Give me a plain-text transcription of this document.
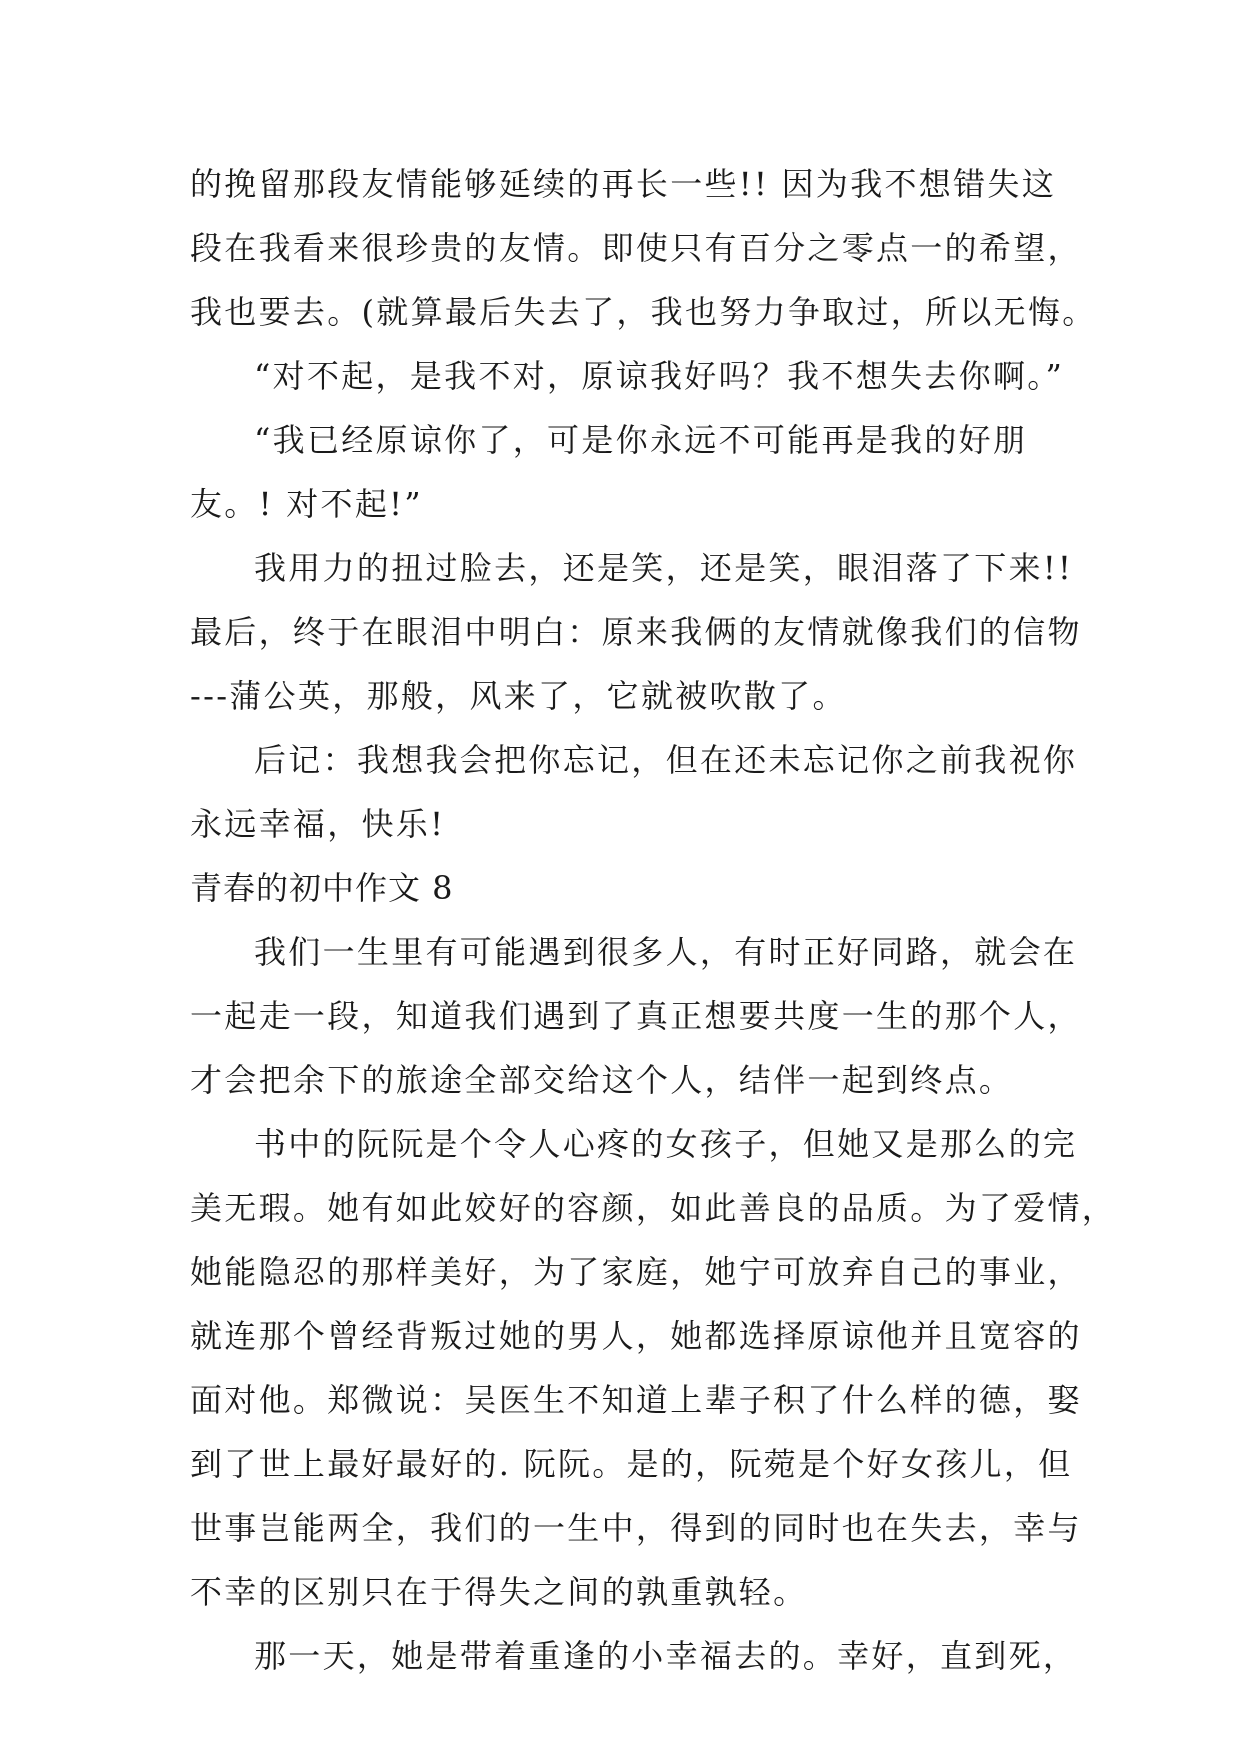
的挽留那段友情能够延续的再长一些!! 因为我不想错失这
段在我看来很珍贵的友情。即使只有百分之零点一的希望，
我也要去。(就算最后失去了，我也努力争取过，所以无悔。
“对不起，是我不对，原谅我好吗？我不想失去你啊。”
“我已经原谅你了，可是你永远不可能再是我的好朋
友。! 对不起!”
我用力的扭过脸去，还是笑，还是笑，眼泪落了下来!!
最后，终于在眼泪中明白：原来我俩的友情就像我们的信物
---蒲公英，那般，风来了，它就被吹散了。
后记：我想我会把你忘记，但在还未忘记你之前我祝你
永远幸福，快乐!
青春的初中作文 8
我们一生里有可能遇到很多人，有时正好同路，就会在
一起走一段，知道我们遇到了真正想要共度一生的那个人，
才会把余下的旅途全部交给这个人，结伴一起到终点。
书中的阮阮是个令人心疼的女孩子，但她又是那么的完
美无瑕。她有如此姣好的容颜，如此善良的品质。为了爱情，
她能隐忍的那样美好，为了家庭，她宁可放弃自己的事业，
就连那个曾经背叛过她的男人，她都选择原谅他并且宽容的
面对他。郑微说：吴医生不知道上辈子积了什么样的德，娶
到了世上最好最好的. 阮阮。是的，阮菀是个好女孩儿，但
世事岂能两全，我们的一生中，得到的同时也在失去，幸与
不幸的区别只在于得失之间的孰重孰轻。
那一天，她是带着重逢的小幸福去的。幸好，直到死，
